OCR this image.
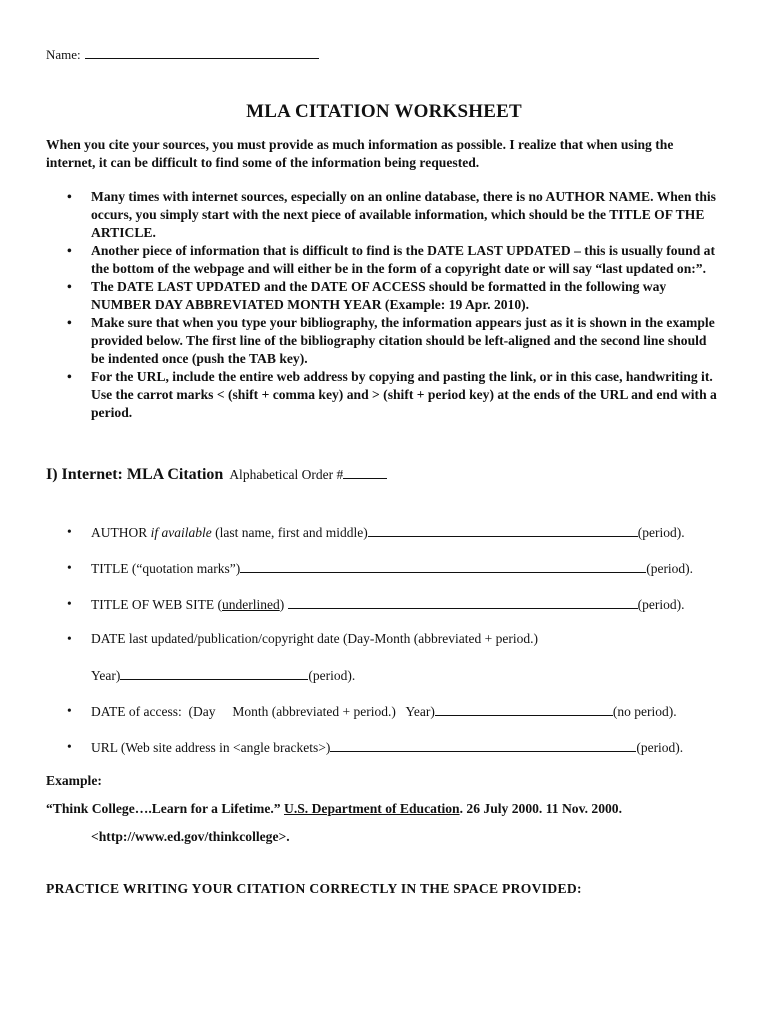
Name:
MLA CITATION WORKSHEET
When you cite your sources, you must provide as much information as possible. I realize that when using the internet, it can be difficult to find some of the information being requested.
• Many times with internet sources, especially on an online database, there is no AUTHOR NAME. When this occurs, you simply start with the next piece of available information, which should be the TITLE OF THE ARTICLE.
• Another piece of information that is difficult to find is the DATE LAST UPDATED – this is usually found at the bottom of the webpage and will either be in the form of a copyright date or will say “last updated on:”.
• The DATE LAST UPDATED and the DATE OF ACCESS should be formatted in the following way NUMBER DAY ABBREVIATED MONTH YEAR (Example: 19 Apr. 2010).
• Make sure that when you type your bibliography, the information appears just as it is shown in the example provided below. The first line of the bibliography citation should be left-aligned and the second line should be indented once (push the TAB key).
• For the URL, include the entire web address by copying and pasting the link, or in this case, handwriting it. Use the carrot marks < (shift + comma key) and > (shift + period key) at the ends of the URL and end with a period.
I) Internet: MLA Citation Alphabetical Order #
• AUTHOR if available (last name, first and middle)	(period).
• TITLE (“quotation marks”)	(period).
• TITLE OF WEB SITE (underlined)	(period).
• DATE last updated/publication/copyright date (Day-Month (abbreviated + period.)
Year)	(period).
• DATE of access:  (Day     Month (abbreviated + period.)   Year)	(no period).
• URL (Web site address in <angle brackets>)	(period).
Example:
“Think College….Learn for a Lifetime.” U.S. Department of Education. 26 July 2000. 11 Nov. 2000.
<http://www.ed.gov/thinkcollege>.
PRACTICE WRITING YOUR CITATION CORRECTLY IN THE SPACE PROVIDED:
